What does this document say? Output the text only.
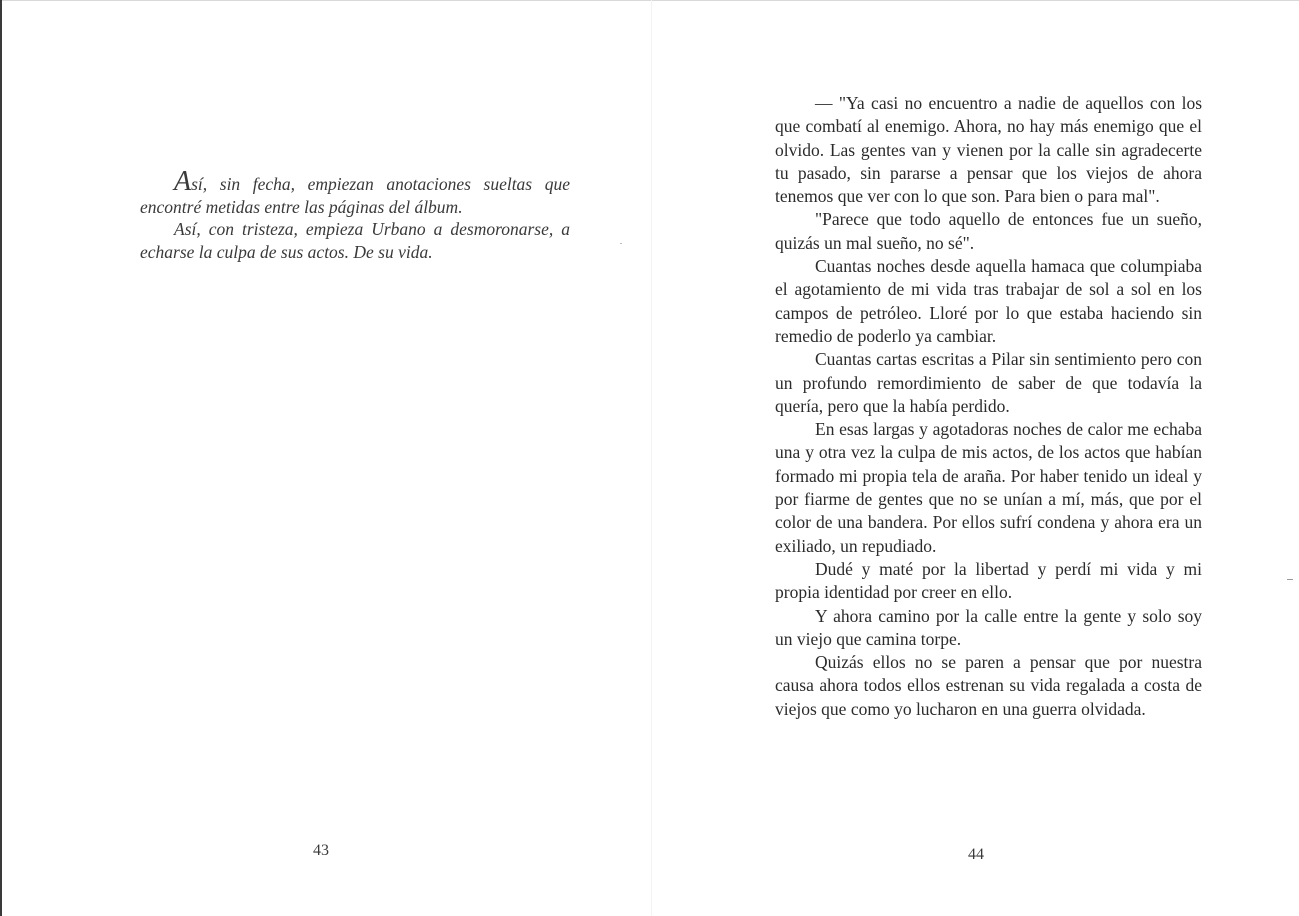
Así, sin fecha, empiezan anotaciones sueltas que encontré metidas entre las páginas del álbum.

Así, con tristeza, empieza Urbano a desmoronarse, a echarse la culpa de sus actos. De su vida.

43

— "Ya casi no encuentro a nadie de aquellos con los que combatí al enemigo. Ahora, no hay más enemigo que el olvido. Las gentes van y vienen por la calle sin agradecerte tu pasado, sin pararse a pensar que los viejos de ahora tenemos que ver con lo que son. Para bien o para mal".

"Parece que todo aquello de entonces fue un sueño, quizás un mal sueño, no sé".

Cuantas noches desde aquella hamaca que columpiaba el agotamiento de mi vida tras trabajar de sol a sol en los campos de petróleo. Lloré por lo que estaba haciendo sin remedio de poderlo ya cambiar.

Cuantas cartas escritas a Pilar sin sentimiento pero con un profundo remordimiento de saber de que todavía la quería, pero que la había perdido.

En esas largas y agotadoras noches de calor me echaba una y otra vez la culpa de mis actos, de los actos que habían formado mi propia tela de araña. Por haber tenido un ideal y por fiarme de gentes que no se unían a mí, más, que por el color de una bandera. Por ellos sufrí condena y ahora era un exiliado, un repudiado.

Dudé y maté por la libertad y perdí mi vida y mi propia identidad por creer en ello.

Y ahora camino por la calle entre la gente y solo soy un viejo que camina torpe.

Quizás ellos no se paren a pensar que por nuestra causa ahora todos ellos estrenan su vida regalada a costa de viejos que como yo lucharon en una guerra olvidada.

44
